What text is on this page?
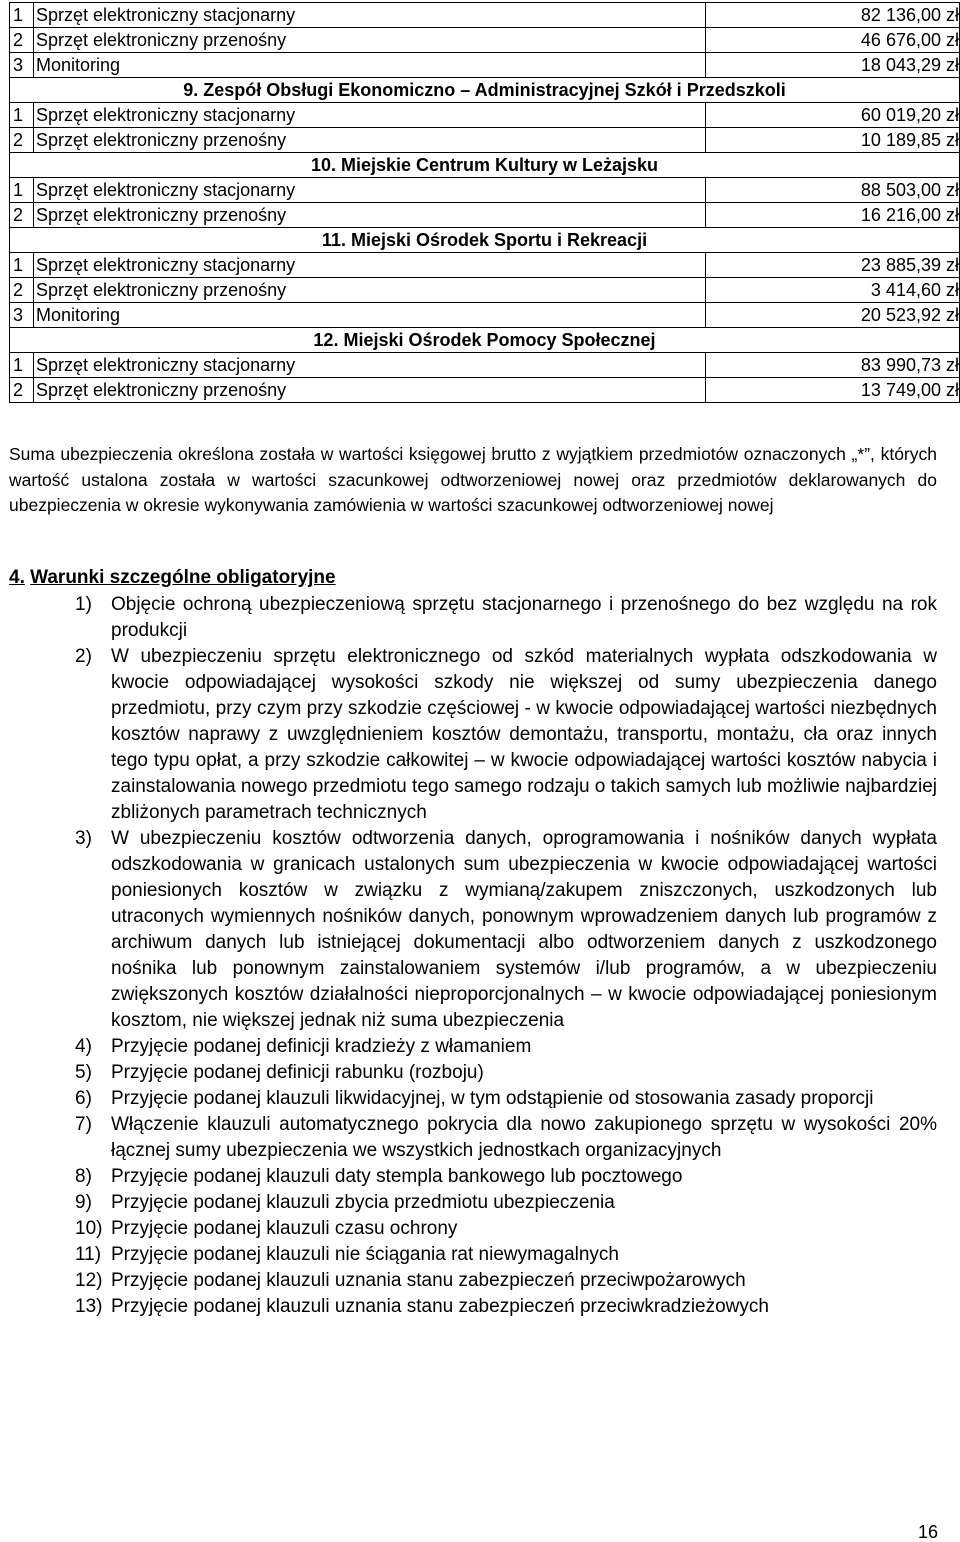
1	Sprzęt elektroniczny stacjonarny	82 136,00 zł
2	Sprzęt elektroniczny przenośny	46 676,00 zł
3	Monitoring	18 043,29 zł
9. Zespół Obsługi Ekonomiczno – Administracyjnej Szkół i Przedszkoli		
1	Sprzęt elektroniczny stacjonarny	60 019,20 zł
2	Sprzęt elektroniczny przenośny	10 189,85 zł
10. Miejskie Centrum Kultury w Leżajsku		
1	Sprzęt elektroniczny stacjonarny	88 503,00 zł
2	Sprzęt elektroniczny przenośny	16 216,00 zł
11. Miejski Ośrodek Sportu i Rekreacji		
1	Sprzęt elektroniczny stacjonarny	23 885,39 zł
2	Sprzęt elektroniczny przenośny	3 414,60 zł
3	Monitoring	20 523,92 zł
12. Miejski Ośrodek Pomocy Społecznej		
1	Sprzęt elektroniczny stacjonarny	83 990,73 zł
2	Sprzęt elektroniczny przenośny	13 749,00 zł

Suma ubezpieczenia określona została w wartości księgowej brutto z wyjątkiem przedmiotów oznaczonych „*”, których wartość ustalona została w wartości szacunkowej odtworzeniowej nowej oraz przedmiotów deklarowanych do ubezpieczenia w okresie wykonywania zamówienia w wartości szacunkowej odtworzeniowej nowej

4. Warunki szczególne obligatoryjne
1) Objęcie ochroną ubezpieczeniową sprzętu stacjonarnego i przenośnego do bez względu na rok produkcji
2) W ubezpieczeniu sprzętu elektronicznego od szkód materialnych wypłata odszkodowania w kwocie odpowiadającej wysokości szkody nie większej od sumy ubezpieczenia danego przedmiotu, przy czym przy szkodzie częściowej - w kwocie odpowiadającej wartości niezbędnych kosztów naprawy z uwzględnieniem kosztów demontażu, transportu, montażu, cła oraz innych tego typu opłat, a przy szkodzie całkowitej – w kwocie odpowiadającej wartości kosztów nabycia i zainstalowania nowego przedmiotu tego samego rodzaju o takich samych lub możliwie najbardziej zbliżonych parametrach technicznych
3) W ubezpieczeniu kosztów odtworzenia danych, oprogramowania i nośników danych wypłata odszkodowania w granicach ustalonych sum ubezpieczenia w kwocie odpowiadającej wartości poniesionych kosztów w związku z wymianą/zakupem zniszczonych, uszkodzonych lub utraconych wymiennych nośników danych, ponownym wprowadzeniem danych lub programów z archiwum danych lub istniejącej dokumentacji albo odtworzeniem danych z uszkodzonego nośnika lub ponownym zainstalowaniem systemów i/lub programów, a w ubezpieczeniu zwiększonych kosztów działalności nieproporcjonalnych – w kwocie odpowiadającej poniesionym kosztom, nie większej jednak niż suma ubezpieczenia
4) Przyjęcie podanej definicji kradzieży z włamaniem
5) Przyjęcie podanej definicji rabunku (rozboju)
6) Przyjęcie podanej klauzuli likwidacyjnej, w tym odstąpienie od stosowania zasady proporcji
7) Włączenie klauzuli automatycznego pokrycia dla nowo zakupionego sprzętu w wysokości 20% łącznej sumy ubezpieczenia we wszystkich jednostkach organizacyjnych
8) Przyjęcie podanej klauzuli daty stempla bankowego lub pocztowego
9) Przyjęcie podanej klauzuli zbycia przedmiotu ubezpieczenia
10) Przyjęcie podanej klauzuli czasu ochrony
11) Przyjęcie podanej klauzuli nie ściągania rat niewymagalnych
12) Przyjęcie podanej klauzuli uznania stanu zabezpieczeń przeciwpożarowych
13) Przyjęcie podanej klauzuli uznania stanu zabezpieczeń przeciwkradzieżowych
16
